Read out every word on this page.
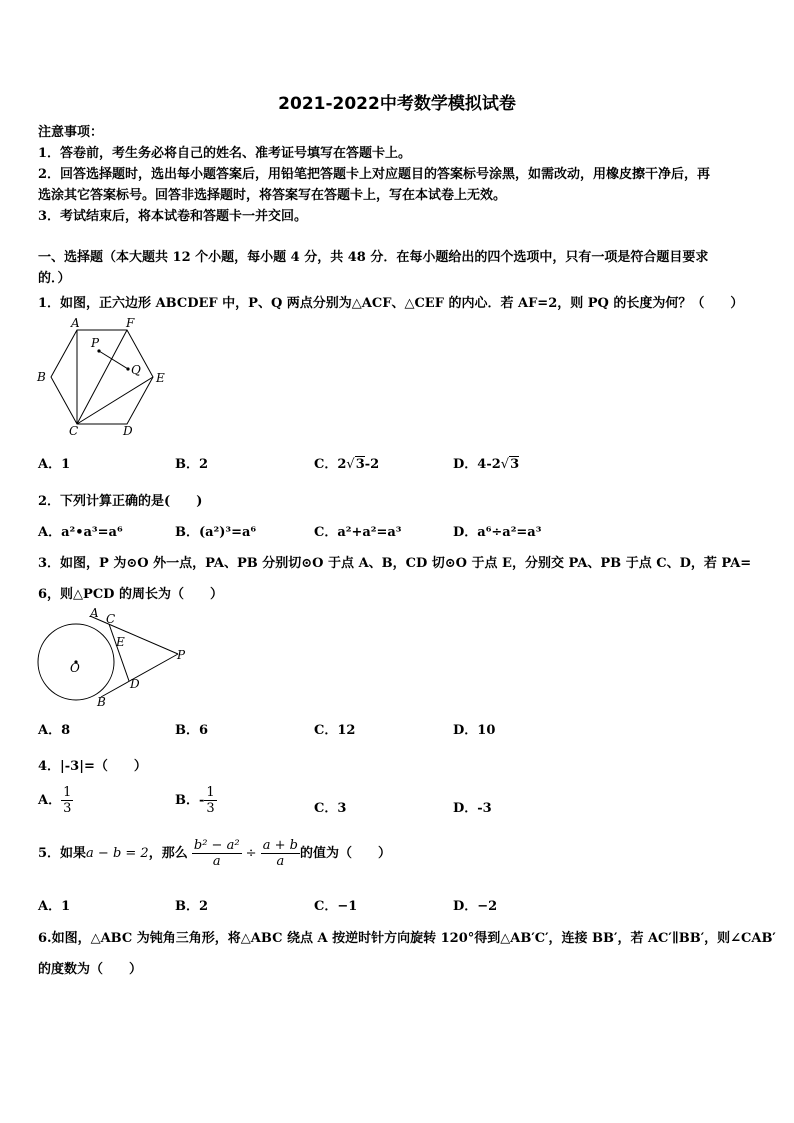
2021-2022中考数学模拟试卷
注意事项：
1．答卷前，考生务必将自己的姓名、准考证号填写在答题卡上。
2．回答选择题时，选出每小题答案后，用铅笔把答题卡上对应题目的答案标号涂黑，如需改动，用橡皮擦干净后，再
选涂其它答案标号。回答非选择题时，将答案写在答题卡上，写在本试卷上无效。
3．考试结束后，将本试卷和答题卡一并交回。
一、选择题（本大题共 12 个小题，每小题 4 分，共 48 分．在每小题给出的四个选项中，只有一项是符合题目要求
的．）
1．如图，正六边形 ABCDEF 中，P、Q 两点分别为△ACF、△CEF 的内心．若 AF=2，则 PQ 的长度为何？（　　）
A	F
B	E
C	D
P
Q
A．1	B．2	C．2√3-2	D．4-2√3
2．下列计算正确的是(　　)
A．a²•a³=a⁶	B．(a²)³=a⁶	C．a²+a²=a³	D．a⁶÷a²=a³
3．如图，P 为⊙O 外一点，PA、PB 分别切⊙O 于点 A、B，CD 切⊙O 于点 E，分别交 PA、PB 于点 C、D，若 PA=
6，则△PCD 的周长为（　　）
A C
E
P
O
D
B
A．8	B．6	C．12	D．10
4．|-3|=（　　）
A． $\frac{1}{3}$	B．- $\frac{1}{3}$	C．3	D．-3
5．如果a − b = 2，那么 $\frac{\text{b² − a²}}{a} \div \frac{a + b}{a}$ 的值为（　　）
A．1	B．2	C．−1	D．−2
6.如图，△ABC 为钝角三角形，将△ABC 绕点 A 按逆时针方向旋转 120°得到△AB′C′，连接 BB′，若 AC′∥BB′，则∠CAB′
的度数为（　　）
